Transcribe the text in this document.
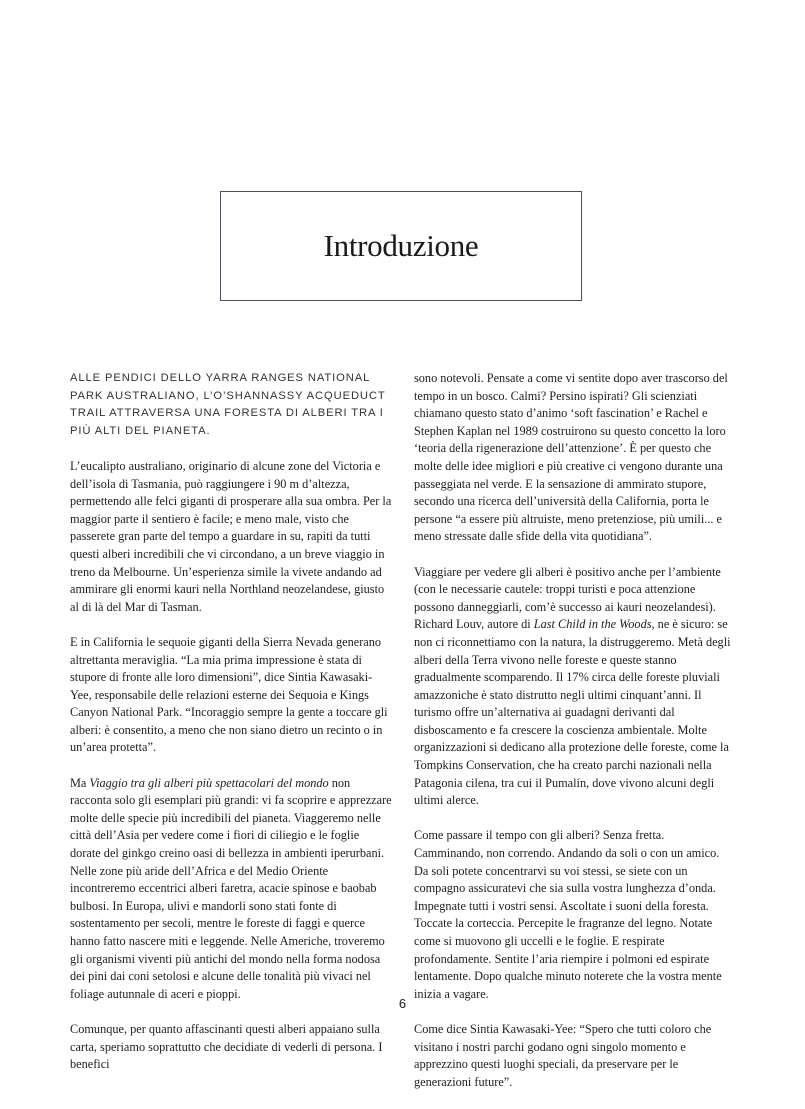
Introduzione

ALLE PENDICI DELLO YARRA RANGES NATIONAL PARK AUSTRALIANO, L’O’SHANNASSY ACQUEDUCT TRAIL ATTRAVERSA UNA FORESTA DI ALBERI TRA I PIÙ ALTI DEL PIANETA.

L’eucalipto australiano, originario di alcune zone del Victoria e dell’isola di Tasmania, può raggiungere i 90 m d’altezza, permettendo alle felci giganti di prosperare alla sua ombra. Per la maggior parte il sentiero è facile; e meno male, visto che passerete gran parte del tempo a guardare in su, rapiti da tutti questi alberi incredibili che vi circondano, a un breve viaggio in treno da Melbourne. Un’esperienza simile la vivete andando ad ammirare gli enormi kauri nella Northland neozelandese, giusto al di là del Mar di Tasman.

E in California le sequoie giganti della Sierra Nevada generano altrettanta meraviglia. “La mia prima impressione è stata di stupore di fronte alle loro dimensioni”, dice Sintia Kawasaki-Yee, responsabile delle relazioni esterne dei Sequoia e Kings Canyon National Park. “Incoraggio sempre la gente a toccare gli alberi: è consentito, a meno che non siano dietro un recinto o in un’area protetta”.

Ma Viaggio tra gli alberi più spettacolari del mondo non racconta solo gli esemplari più grandi: vi fa scoprire e apprezzare molte delle specie più incredibili del pianeta. Viaggeremo nelle città dell’Asia per vedere come i fiori di ciliegio e le foglie dorate del ginkgo creino oasi di bellezza in ambienti iperurbani. Nelle zone più aride dell’Africa e del Medio Oriente incontreremo eccentrici alberi faretra, acacie spinose e baobab bulbosi. In Europa, ulivi e mandorli sono stati fonte di sostentamento per secoli, mentre le foreste di faggi e querce hanno fatto nascere miti e leggende. Nelle Americhe, troveremo gli organismi viventi più antichi del mondo nella forma nodosa dei pini dai coni setolosi e alcune delle tonalità più vivaci nel foliage autunnale di aceri e pioppi.

Comunque, per quanto affascinanti questi alberi appaiano sulla carta, speriamo soprattutto che decidiate di vederli di persona. I benefici

sono notevoli. Pensate a come vi sentite dopo aver trascorso del tempo in un bosco. Calmi? Persino ispirati? Gli scienziati chiamano questo stato d’animo ‘soft fascination’ e Rachel e Stephen Kaplan nel 1989 costruirono su questo concetto la loro ‘teoria della rigenerazione dell’attenzione’. È per questo che molte delle idee migliori e più creative ci vengono durante una passeggiata nel verde. E la sensazione di ammirato stupore, secondo una ricerca dell’università della California, porta le persone “a essere più altruiste, meno pretenziose, più umili... e meno stressate dalle sfide della vita quotidiana”.

Viaggiare per vedere gli alberi è positivo anche per l’ambiente (con le necessarie cautele: troppi turisti e poca attenzione possono danneggiarli, com’è successo ai kauri neozelandesi). Richard Louv, autore di Last Child in the Woods, ne è sicuro: se non ci riconnettiamo con la natura, la distruggeremo. Metà degli alberi della Terra vivono nelle foreste e queste stanno gradualmente scomparendo. Il 17% circa delle foreste pluviali amazzoniche è stato distrutto negli ultimi cinquant’anni. Il turismo offre un’alternativa ai guadagni derivanti dal disboscamento e fa crescere la coscienza ambientale. Molte organizzazioni si dedicano alla protezione delle foreste, come la Tompkins Conservation, che ha creato parchi nazionali nella Patagonia cilena, tra cui il Pumalín, dove vivono alcuni degli ultimi alerce.

Come passare il tempo con gli alberi? Senza fretta. Camminando, non correndo. Andando da soli o con un amico. Da soli potete concentrarvi su voi stessi, se siete con un compagno assicuratevi che sia sulla vostra lunghezza d’onda. Impegnate tutti i vostri sensi. Ascoltate i suoni della foresta. Toccate la corteccia. Percepite le fragranze del legno. Notate come si muovono gli uccelli e le foglie. E respirate profondamente. Sentite l’aria riempire i polmoni ed espirate lentamente. Dopo qualche minuto noterete che la vostra mente inizia a vagare.

Come dice Sintia Kawasaki-Yee: “Spero che tutti coloro che visitano i nostri parchi godano ogni singolo momento e apprezzino questi luoghi speciali, da preservare per le generazioni future”.

6
